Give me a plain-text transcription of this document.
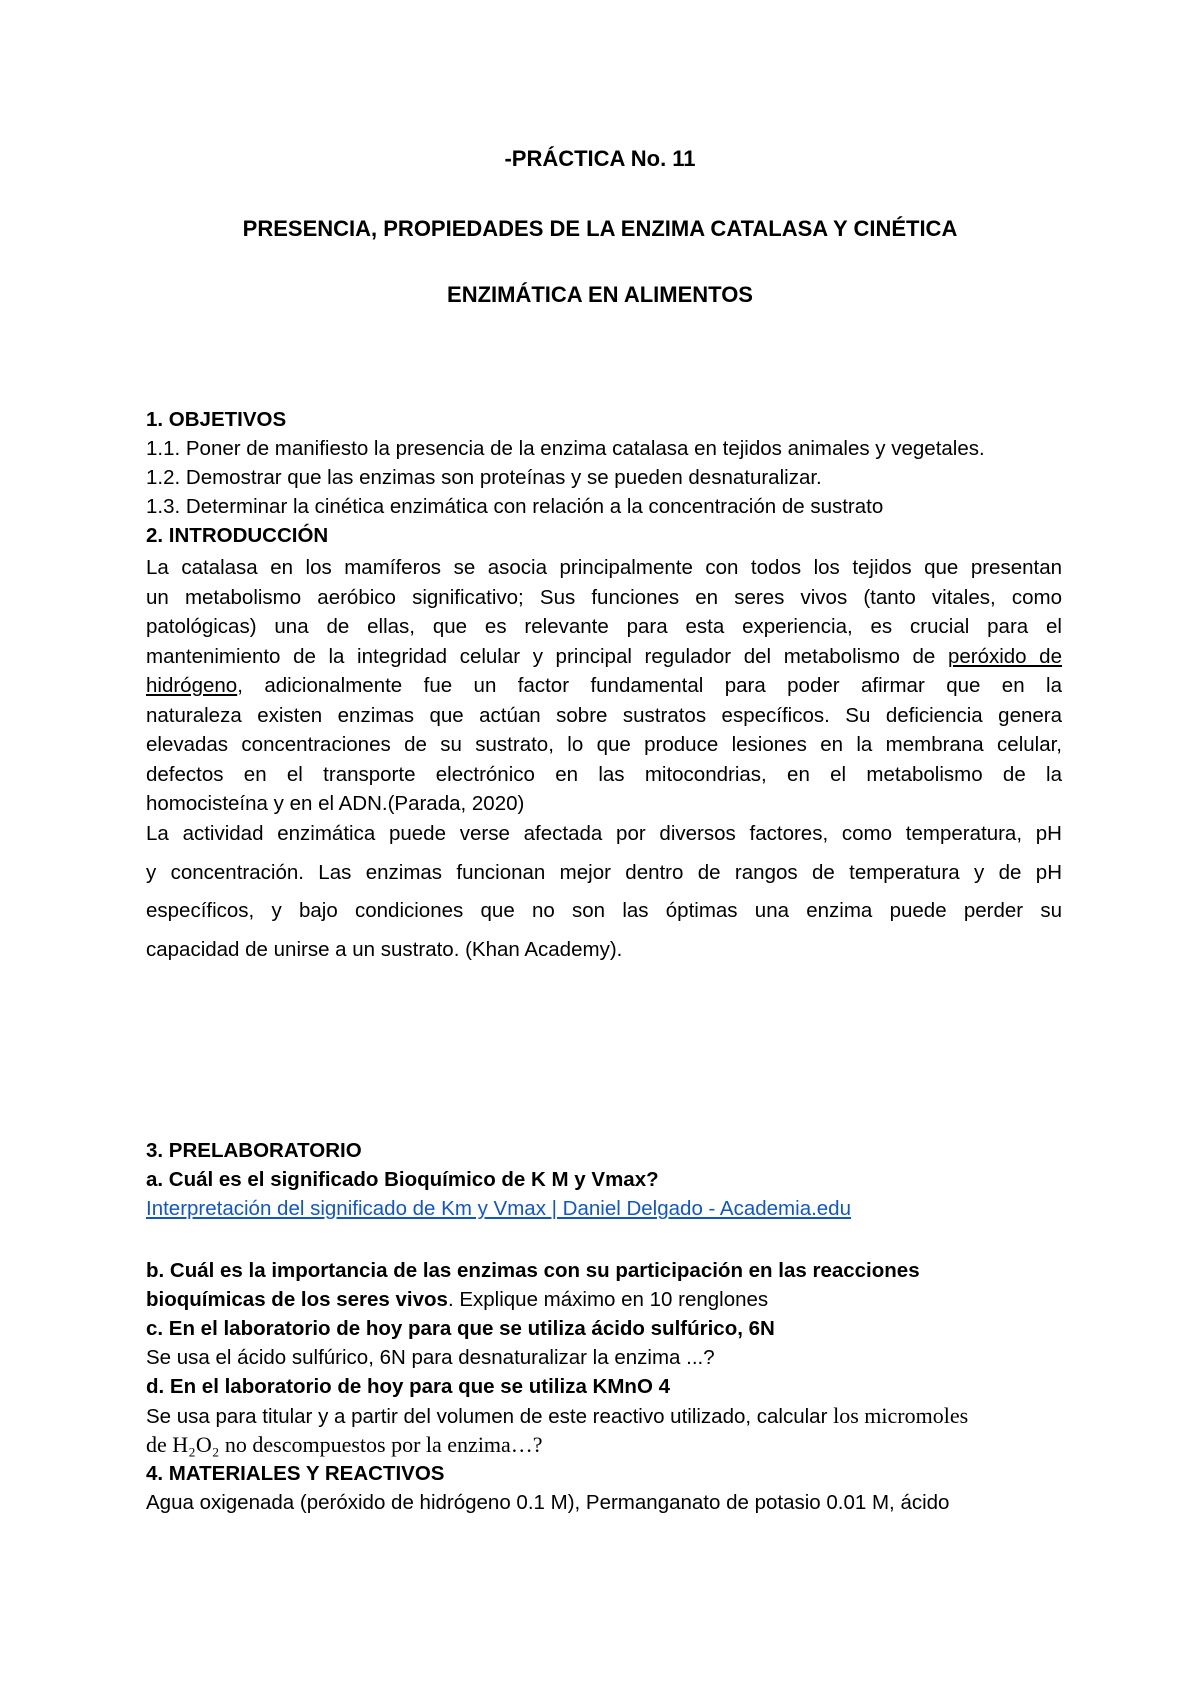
-PRÁCTICA No. 11
PRESENCIA, PROPIEDADES DE LA ENZIMA CATALASA Y CINÉTICA
ENZIMÁTICA EN ALIMENTOS
1. OBJETIVOS
1.1. Poner de manifiesto la presencia de la enzima catalasa en tejidos animales y vegetales.
1.2. Demostrar que las enzimas son proteínas y se pueden desnaturalizar.
1.3. Determinar la cinética enzimática con relación a la concentración de sustrato
2. INTRODUCCIÓN
La catalasa en los mamíferos se asocia principalmente con todos los tejidos que presentan
un metabolismo aeróbico significativo; Sus funciones en seres vivos (tanto vitales, como
patológicas) una de ellas, que es relevante para esta experiencia, es crucial para el
mantenimiento de la integridad celular y principal regulador del metabolismo de peróxido de
hidrógeno, adicionalmente fue un factor fundamental para poder afirmar que en la
naturaleza existen enzimas que actúan sobre sustratos específicos. Su deficiencia genera
elevadas concentraciones de su sustrato, lo que produce lesiones en la membrana celular,
defectos en el transporte electrónico en las mitocondrias, en el metabolismo de la
homocisteína y en el ADN.(Parada, 2020)
La actividad enzimática puede verse afectada por diversos factores, como temperatura, pH
y concentración. Las enzimas funcionan mejor dentro de rangos de temperatura y de pH
específicos, y bajo condiciones que no son las óptimas una enzima puede perder su
capacidad de unirse a un sustrato. (Khan Academy).
3. PRELABORATORIO
a. Cuál es el significado Bioquímico de K M y Vmax?
Interpretación del significado de Km y Vmax | Daniel Delgado - Academia.edu
b. Cuál es la importancia de las enzimas con su participación en las reacciones
bioquímicas de los seres vivos. Explique máximo en 10 renglones
c. En el laboratorio de hoy para que se utiliza ácido sulfúrico, 6N
Se usa el ácido sulfúrico, 6N para desnaturalizar la enzima ...?
d. En el laboratorio de hoy para que se utiliza KMnO 4
Se usa para titular y a partir del volumen de este reactivo utilizado, calcular los micromoles
de H₂O₂ no descompuestos por la enzima…?
4. MATERIALES Y REACTIVOS
Agua oxigenada (peróxido de hidrógeno 0.1 M), Permanganato de potasio 0.01 M, ácido
